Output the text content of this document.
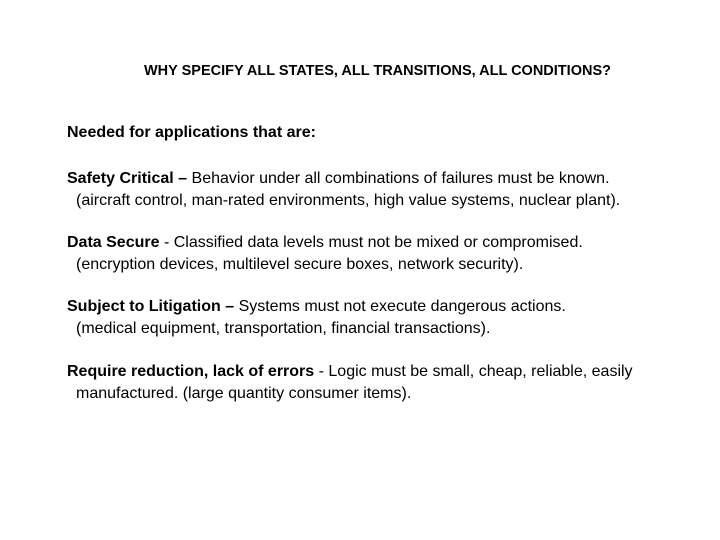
WHY SPECIFY ALL STATES, ALL TRANSITIONS, ALL CONDITIONS?
Needed for applications that are:
Safety Critical – Behavior under all combinations of failures must be known.
(aircraft control, man-rated environments, high value systems, nuclear plant).
Data Secure - Classified data levels must not be mixed or compromised.
(encryption devices, multilevel secure boxes, network security).
Subject to Litigation – Systems must not execute dangerous actions.
(medical equipment, transportation, financial transactions).
Require reduction, lack of errors - Logic must be small, cheap, reliable, easily
manufactured. (large quantity consumer items).
